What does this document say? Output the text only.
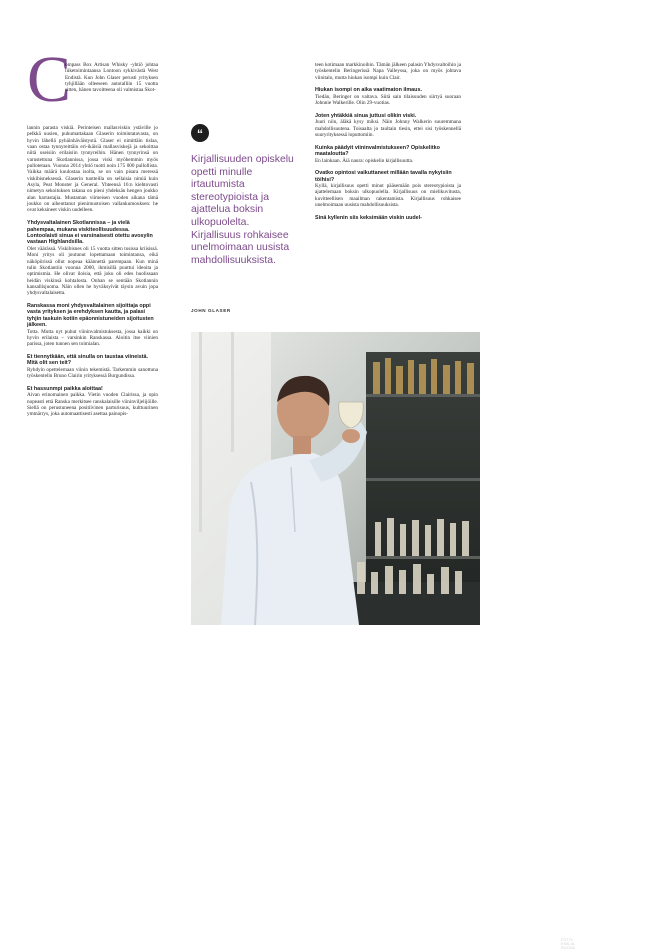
C
ompass Box Artisan Whisky -yhtiö johtaa liiketoimintaansa Lontoon sykkivästä West Endistä. Kun John Glaser perusti yrityksen tyhjillään olleeseen autotalliin 15 vuotta sitten, hänen tavoitteena oli valmistaa Skot-

lannin parasta viskiä. Perinteisen mallasviskin ystäville jo pelkkä uusien, puhumattakaan Glaserin toimintatavasta, on hyvin lähellä pyhäinhäväistystä. Glaser ei nimittäin tislaa, vaan ostaa tynnyreittäin eri-ikäisiä mallasviskejä ja sekoittaa niitä useisiin erilaisiin tynnyreihin. Hänen tynnyrinsä on varustettuna Skotlannissa, jossa viski myöhemmin myös pullotetaan. Vuonna 2014 yhtiö tuotti noin 175 000 pullollista. Vaikka määrä kuulostaa isolta, se on vain pisara meressä viskibisneksessä. Glaserin tuotteilla on sellaisia nimiä kuin Asyla, Peat Monster ja General. Yhteensä 16:n kiehtovasti nimetyn sekoituksen takana on pieni yhdeksän hengen joukko alan harrastajia. Mustaman viimeisen vuoden aikana tämä joukko on aiheuttanut pienimuotoisen vallankumouksen: he ovat keksineet viskin uudelleen.

Yhdysvaltalainen Skotlannissa – ja vielä pahempaa, mukana viskiteollisuudessa. Lontoolaisti sinua ei varsinaisesti otettu avosylin vastaan Highlandsilla.

Olet väärässä. Viskibisnes oli 15 vuotta sitten tosissa kriisissä. Moni yritys oli joutunut lopettamaan toimintansa, eikä näköpiirissä ollut nopeaa käännettä parempaan. Kun minä tulin Skotlantiin vuonna 2000, ihmisillä puuttui ideoita ja optimismia. He olivat iloisia, että joku oli edes huolissaan heidän viskinsä kohtalosta. Onhan se sentään Skotlannin kansallisjuoma. Näin ollen he hyväksyivät täysin avuin jopa yhdysvaltalaisetta.

Ranskassa moni yhdysvaltalainen sijoittaja oppi vasta yrityksen ja erehdyksen kautta, ja palasi tyhjin taskuin kotiin epäonnistuneiden sijoitusten jälkeen.

Totta. Mutta nyt puhut viininvalmistuksesta, jossa kaikki on hyvin erilaista – varsinkin Ranskassa. Aloitin itse viinien parissa, joten tunnen sen toimialan.

Et tiennytkään, että sinulla on taustaa viineistä. Mitä olit sen teit?

Ryhdyin opettelemaan viinin tekemistä. Tarkemmin sanottuna työskentelin Bruno Clairin yrityksessä Burgundissa.

Et hassunmpi paikka aloittaa!

Aivan erinomainen paikka. Vietin vuoden Clairissa, ja opin nopeasti että Ranska merkitsee ranskalaisille viininviljelijöille. Siellä on perustuneena positiivinen parturisuus, kulttuurinen ymmärrys, joka automaattisesti asettaa painopis-

“
Kirjallisuuden opiskelu opetti minulle irtautumista stereotypioista ja ajattelua boksin ulkopuolelta. Kirjallisuus rohkaisee unelmoimaan uusista mahdollisuuksista.
JOHN GLASER

teen kotimaan markkinoihin. Tämän jälkeen palasin Yhdysvaltoihin ja työskentelin Beringerissä Napa Valleyssa, joka on myös johtava viinitalo, mutta hiukan isompi kuin Clair.

Hiukan isompi on aika vaatimaton ilmaus.

Tiedän, Beringer on valtava. Siitä sain tilaisuuden siirtyä suoraan Johnnie Walkerille. Olin 29-vuotias.

Joten yhtäkkiä sinua juttusi olikin viski.

Juuri niin, äläkä kysy miksi. Näin Johnny Walkerin suuremmana mahdollisuutena. Toisaalta jo taultain tiesin, ettei sisi työskennellä suuryrityksessä loputtomiin.

Kuinka päädyit viininvalmistukseen? Opiskelitko maataloutta?

En lainkaan. Äiä naura: opiskelin kirjallisuutta.

Ovatko opintosi vaikuttaneet millään tavalla nykyisiin töihisi?

Kyllä, kirjallisuus opetti minut pääsemään pois stereotypioista ja ajattelemaan boksin ulkopuolella. Kirjallisuus on mielikuvitusta, kuvitteellisen maailman rakentamista. Kirjallisuus rohkaisee unelmoimaan uusista mahdollisuuksista.

Sinä kyllenin siis keksimään viskin uudel-

TUOKSUTUS
Glaserin tavoite on lisätä maustemaailma. Hän aloitti tasi sekoittamalla erityyppisiä skottiviskejä.
FOTO: EMILIA RUOVA
